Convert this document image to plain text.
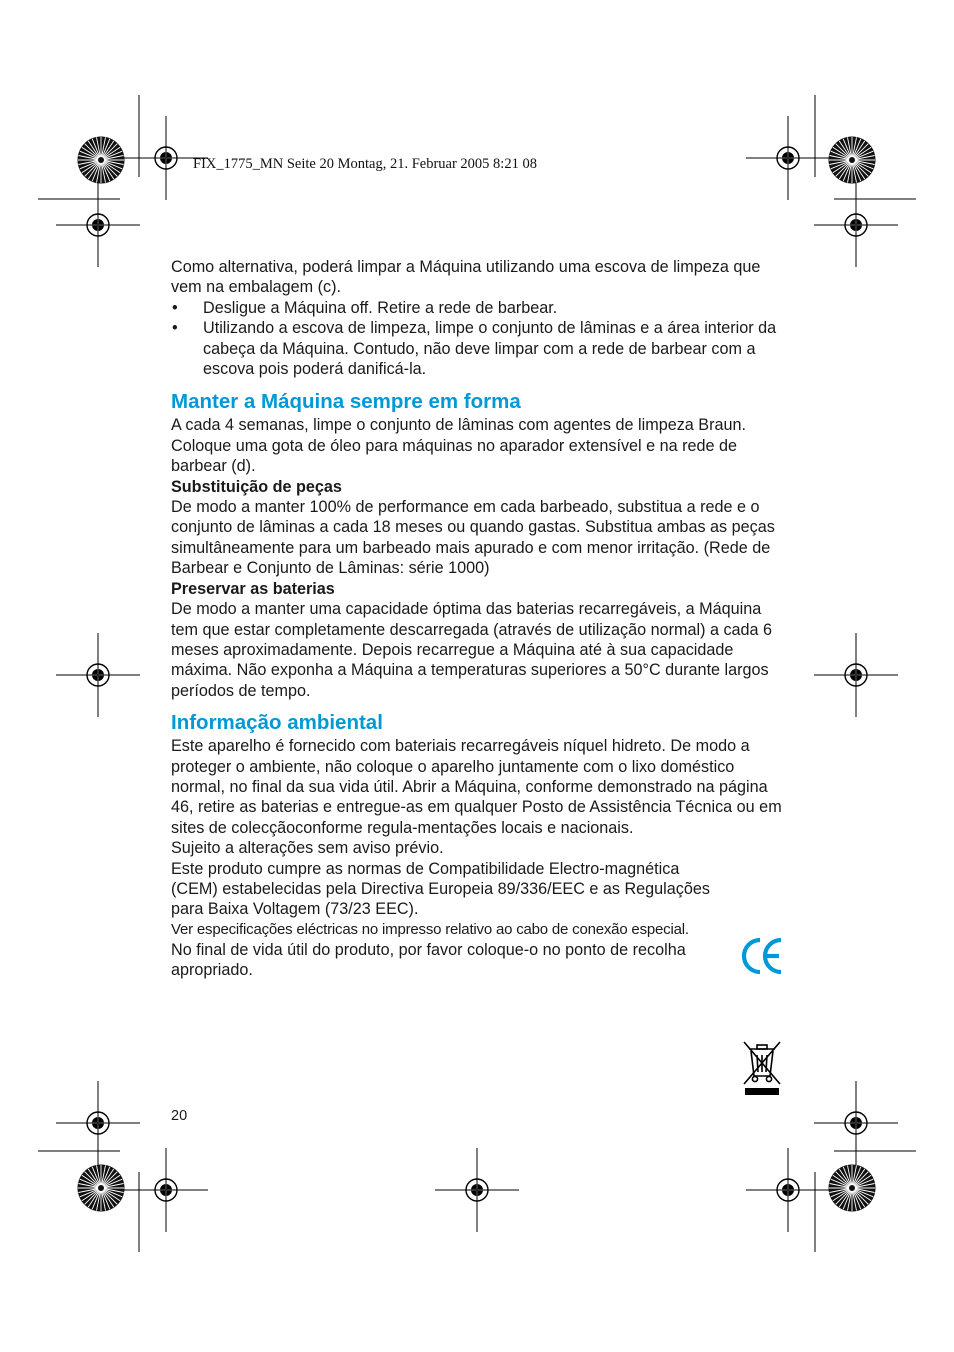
FIX_1775_MN Seite 20 Montag, 21. Februar 2005 8:21 08

Como alternativa, poderá limpar a Máquina utilizando uma escova de limpeza que vem na embalagem (c).

• Desligue a Máquina off. Retire a rede de barbear.
• Utilizando a escova de limpeza, limpe o conjunto de lâminas e a área interior da cabeça da Máquina. Contudo, não deve limpar com a rede de barbear com a escova pois poderá danificá-la.
Manter a Máquina sempre em forma

A cada 4 semanas, limpe o conjunto de lâminas com agentes de limpeza Braun. Coloque uma gota de óleo para máquinas no aparador extensível e na rede de barbear (d).

Substituição de peças

De modo a manter 100% de performance em cada barbeado, substitua a rede e o conjunto de lâminas a cada 18 meses ou quando gastas. Substitua ambas as peças simultâneamente para um barbeado mais apurado e com menor irritação. (Rede de Barbear e Conjunto de Lâminas: série 1000)

Preservar as baterias

De modo a manter uma capacidade óptima das baterias recarregáveis, a Máquina tem que estar completamente descarregada (através de utilização normal) a cada 6 meses aproximadamente. Depois recarregue a Máquina até à sua capacidade máxima. Não exponha a Máquina a temperaturas superiores a 50°C durante largos períodos de tempo.

Informação ambiental

Este aparelho é fornecido com bateriais recarregáveis níquel hidreto. De modo a proteger o ambiente, não coloque o aparelho juntamente com o lixo doméstico normal, no final da sua vida útil. Abrir a Máquina, conforme demonstrado na página 46, retire as baterias e entregue-as em qualquer Posto de Assistência Técnica ou em sites de colecçãoconforme regula-mentações locais e nacionais.

Sujeito a alterações sem aviso prévio.

Este produto cumpre as normas de Compatibilidade Electro-magnética (CEM) estabelecidas pela Directiva Europeia 89/336/EEC e as Regulações para Baixa Voltagem (73/23 EEC).

Ver especificações eléctricas no impresso relativo ao cabo de conexão especial.

No final de vida útil do produto, por favor coloque-o no ponto de recolha apropriado.

20
